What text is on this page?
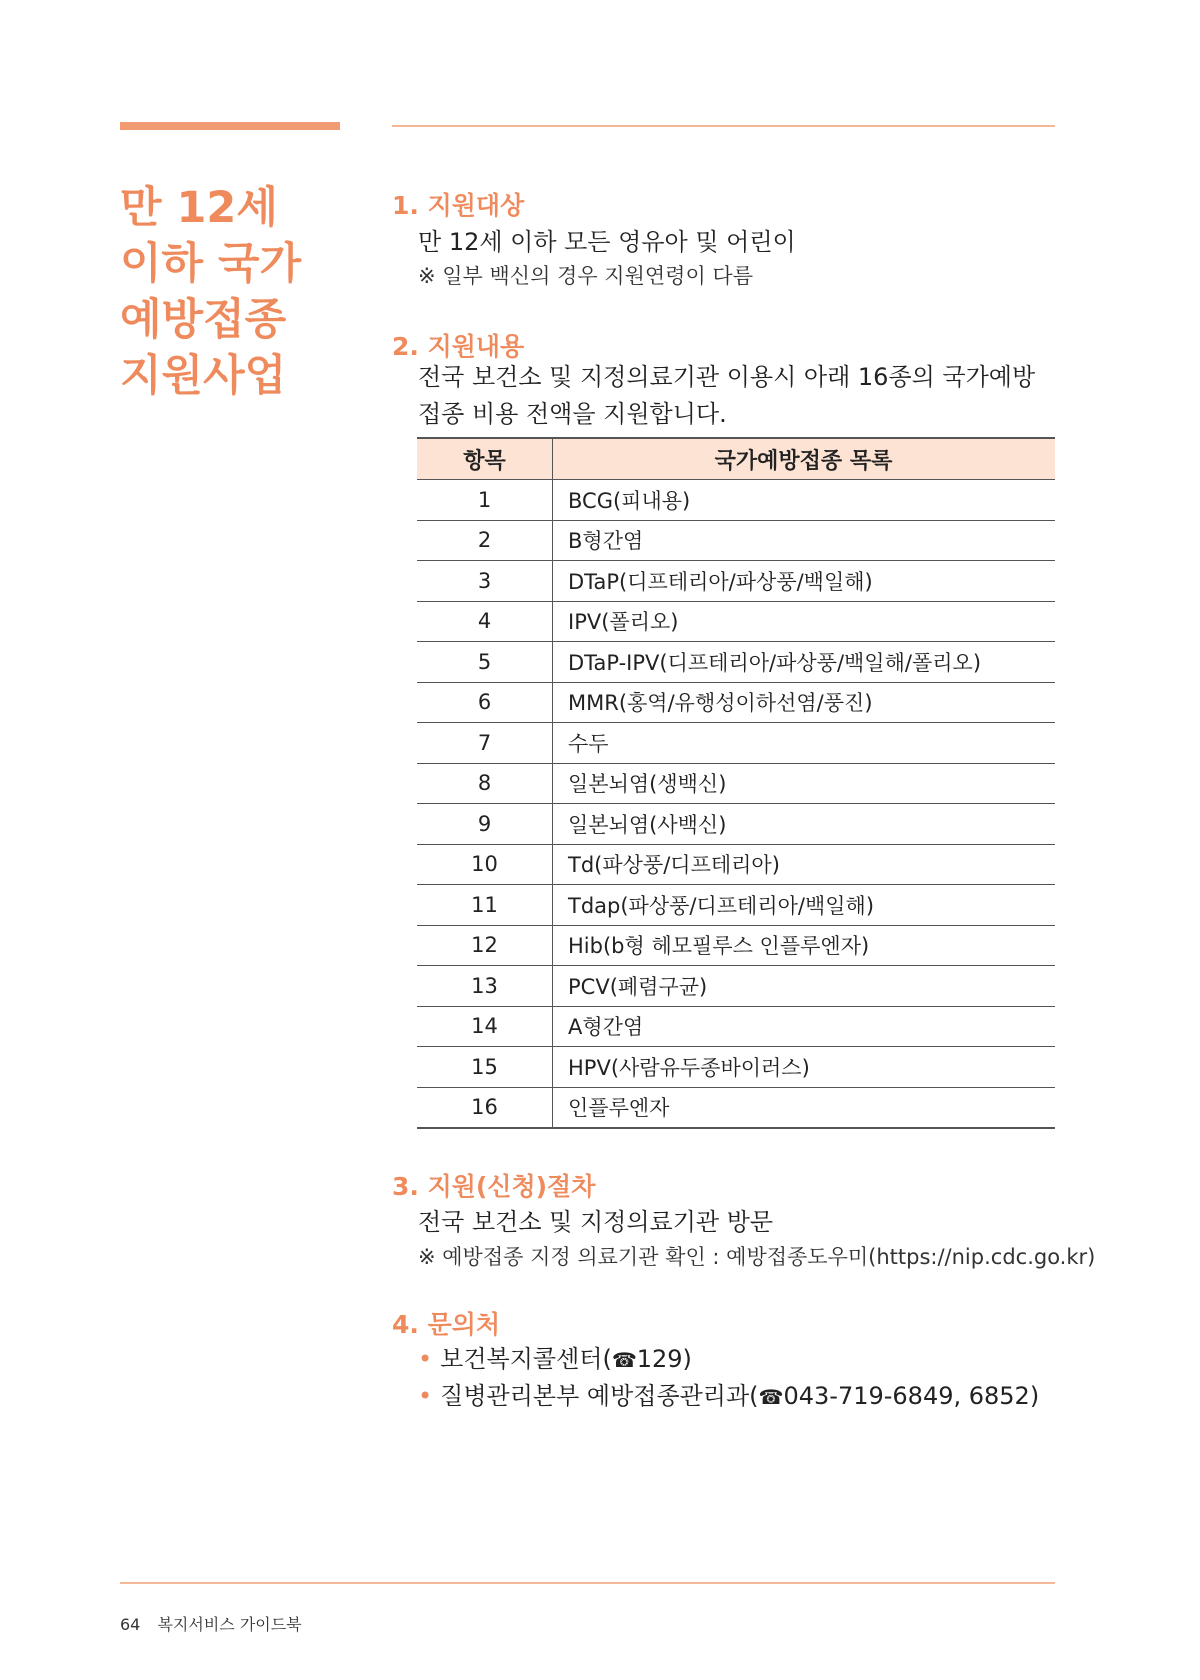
만 12세
이하 국가
예방접종
지원사업
1. 지원대상
만 12세 이하 모든 영유아 및 어린이
※ 일부 백신의 경우 지원연령이 다름
2. 지원내용
전국 보건소 및 지정의료기관 이용시 아래 16종의 국가예방접종 비용 전액을 지원합니다.
항목	국가예방접종 목록
1	BCG(피내용)
2	B형간염
3	DTaP(디프테리아/파상풍/백일해)
4	IPV(폴리오)
5	DTaP-IPV(디프테리아/파상풍/백일해/폴리오)
6	MMR(홍역/유행성이하선염/풍진)
7	수두
8	일본뇌염(생백신)
9	일본뇌염(사백신)
10	Td(파상풍/디프테리아)
11	Tdap(파상풍/디프테리아/백일해)
12	Hib(b형 헤모필루스 인플루엔자)
13	PCV(폐렴구균)
14	A형간염
15	HPV(사람유두종바이러스)
16	인플루엔자
3. 지원(신청)절차
전국 보건소 및 지정의료기관 방문
※ 예방접종 지정 의료기관 확인 : 예방접종도우미(https://nip.cdc.go.kr)
4. 문의처
• 보건복지콜센터(☎129)
• 질병관리본부 예방접종관리과(☎043-719-6849, 6852)
64 복지서비스 가이드북
